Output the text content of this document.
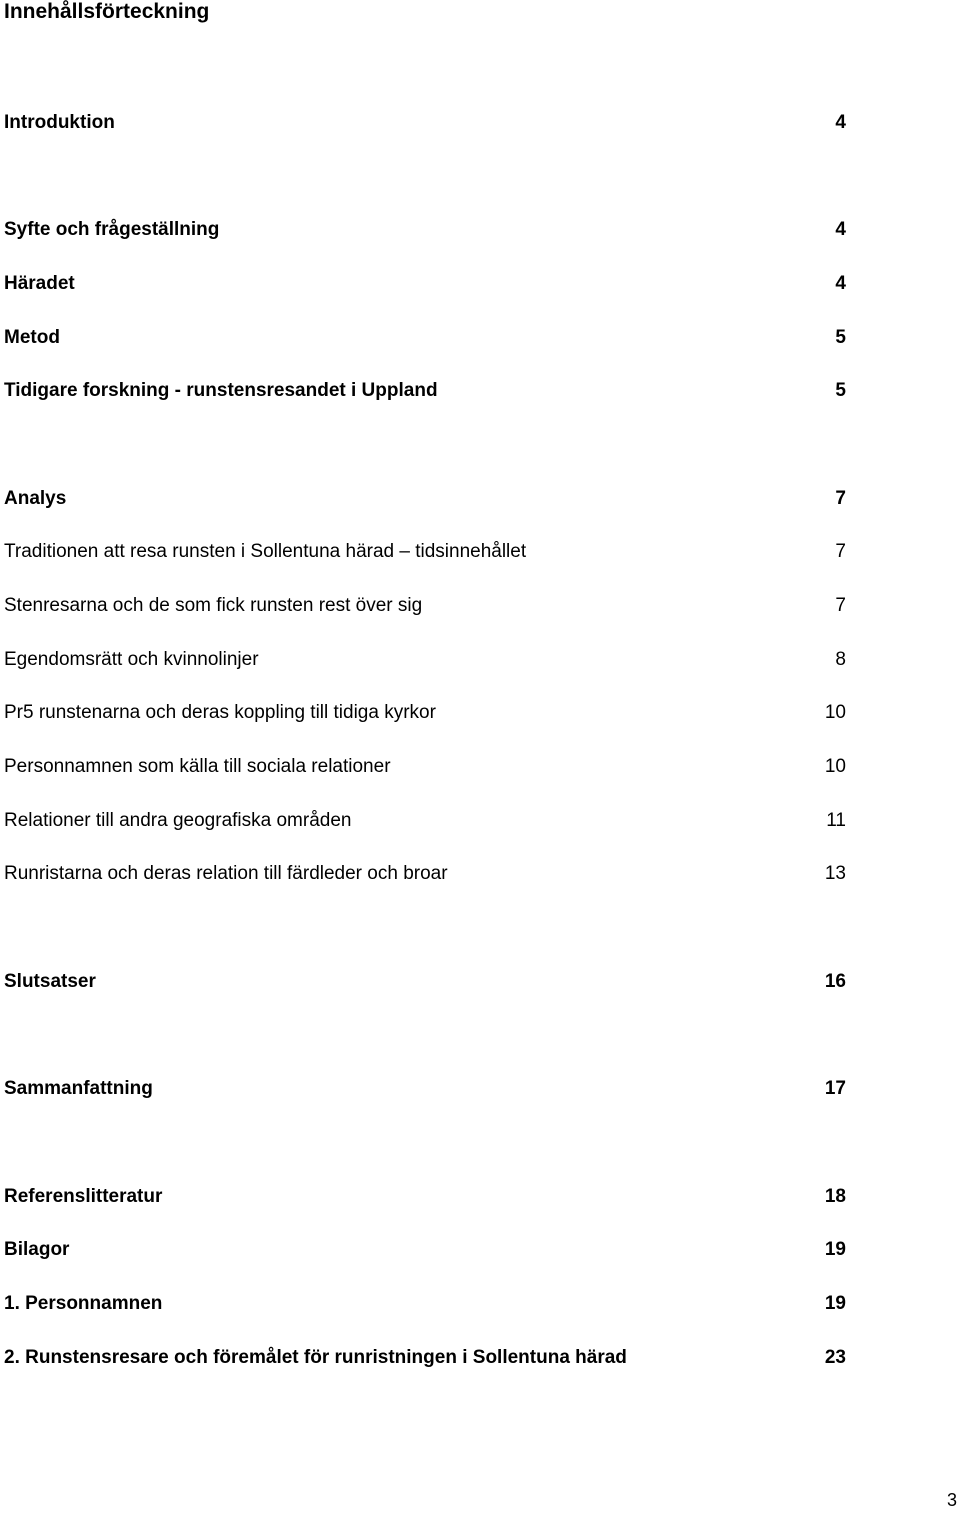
Innehållsförteckning
Introduktion	4
Syfte och frågeställning	4
Häradet	4
Metod	5
Tidigare forskning - runstensresandet i Uppland	5
Analys	7
Traditionen att resa runsten i Sollentuna härad – tidsinnehållet	7
Stenresarna och de som fick runsten rest över sig	7
Egendomsrätt och kvinnolinjer	8
Pr5 runstenarna och deras koppling till tidiga kyrkor	10
Personnamnen som källa till sociala relationer	10
Relationer till andra geografiska områden	11
Runristarna och deras relation till färdleder och broar	13
Slutsatser	16
Sammanfattning	17
Referenslitteratur	18
Bilagor	19
1. Personnamnen	19
2. Runstensresare och föremålet för runristningen i Sollentuna härad	23
3
